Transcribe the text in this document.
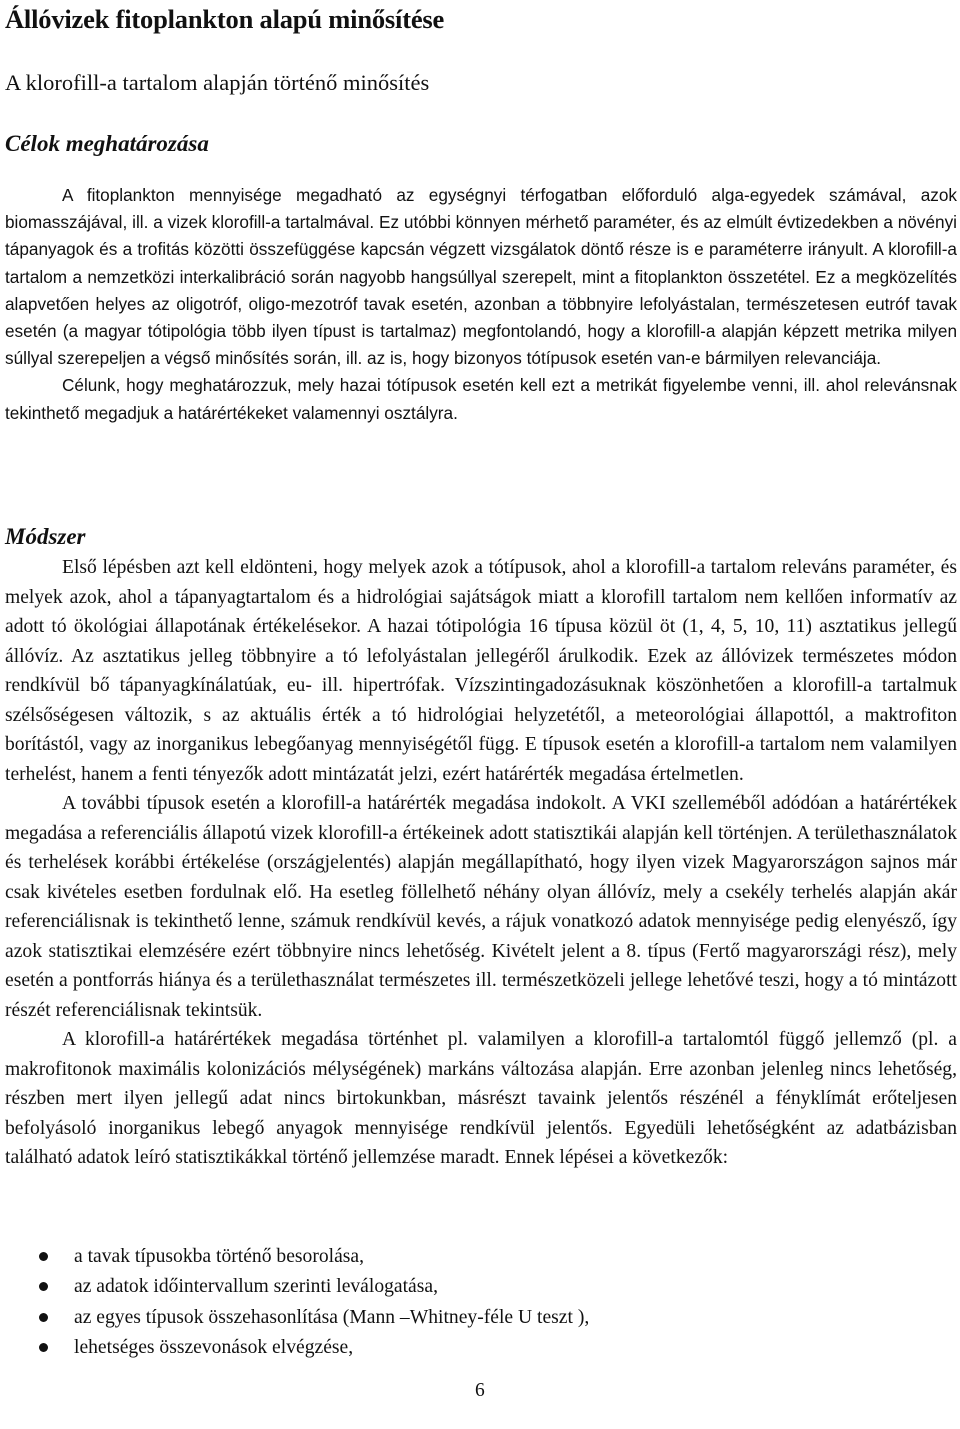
Állóvizek fitoplankton alapú minősítése
A klorofill-a tartalom alapján történő minősítés
Célok meghatározása

A fitoplankton mennyisége megadható az egységnyi térfogatban előforduló alga-egyedek számával, azok biomasszájával, ill. a vizek klorofill-a tartalmával. Ez utóbbi könnyen mérhető paraméter, és az elmúlt évtizedekben a növényi tápanyagok és a trofitás közötti összefüggése kapcsán végzett vizsgálatok döntő része is e paraméterre irányult. A klorofill-a tartalom a nemzetközi interkalibráció során nagyobb hangsúllyal szerepelt, mint a fitoplankton összetétel. Ez a megközelítés alapvetően helyes az oligotróf, oligo-mezotróf tavak esetén, azonban a többnyire lefolyástalan, természetesen eutróf tavak esetén (a magyar tótipológia több ilyen típust is tartalmaz) megfontolandó, hogy a klorofill-a alapján képzett metrika milyen súllyal szerepeljen a végső minősítés során, ill. az is, hogy bizonyos tótípusok esetén van-e bármilyen relevanciája.

Célunk, hogy meghatározzuk, mely hazai tótípusok esetén kell ezt a metrikát figyelembe venni, ill. ahol relevánsnak tekinthető megadjuk a határértékeket valamennyi osztályra.

Módszer

Első lépésben azt kell eldönteni, hogy melyek azok a tótípusok, ahol a klorofill-a tartalom releváns paraméter, és melyek azok, ahol a tápanyagtartalom és a hidrológiai sajátságok miatt a klorofill tartalom nem kellően informatív az adott tó ökológiai állapotának értékelésekor. A hazai tótipológia 16 típusa közül öt (1, 4, 5, 10, 11) asztatikus jellegű állóvíz. Az asztatikus jelleg többnyire a tó lefolyástalan jellegéről árulkodik. Ezek az állóvizek természetes módon rendkívül bő tápanyagkínálatúak, eu- ill. hipertrófak. Vízszintingadozásuknak köszönhetően a klorofill-a tartalmuk szélsőségesen változik, s az aktuális érték a tó hidrológiai helyzetétől, a meteorológiai állapottól, a maktrofiton borítástól, vagy az inorganikus lebegőanyag mennyiségétől függ. E típusok esetén a klorofill-a tartalom nem valamilyen terhelést, hanem a fenti tényezők adott mintázatát jelzi, ezért határérték megadása értelmetlen.

A további típusok esetén a klorofill-a határérték megadása indokolt. A VKI szelleméből adódóan a határértékek megadása a referenciális állapotú vizek klorofill-a értékeinek adott statisztikái alapján kell történjen. A területhasználatok és terhelések korábbi értékelése (országjelentés) alapján megállapítható, hogy ilyen vizek Magyarországon sajnos már csak kivételes esetben fordulnak elő. Ha esetleg föllelhető néhány olyan állóvíz, mely a csekély terhelés alapján akár referenciálisnak is tekinthető lenne, számuk rendkívül kevés, a rájuk vonatkozó adatok mennyisége pedig elenyésző, így azok statisztikai elemzésére ezért többnyire nincs lehetőség. Kivételt jelent a 8. típus (Fertő magyarországi rész), mely esetén a pontforrás hiánya és a területhasználat természetes ill. természetközeli jellege lehetővé teszi, hogy a tó mintázott részét referenciálisnak tekintsük.

A klorofill-a határértékek megadása történhet pl. valamilyen a klorofill-a tartalomtól függő jellemző (pl. a makrofitonok maximális kolonizációs mélységének) markáns változása alapján. Erre azonban jelenleg nincs lehetőség, részben mert ilyen jellegű adat nincs birtokunkban, másrészt tavaink jelentős részénél a fényklímát erőteljesen befolyásoló inorganikus lebegő anyagok mennyisége rendkívül jelentős. Egyedüli lehetőségként az adatbázisban található adatok leíró statisztikákkal történő jellemzése maradt. Ennek lépései a következők:

a tavak típusokba történő besorolása,
az adatok időintervallum szerinti leválogatása,
az egyes típusok összehasonlítása (Mann –Whitney-féle U teszt ),
lehetséges összevonások elvégzése,
6
